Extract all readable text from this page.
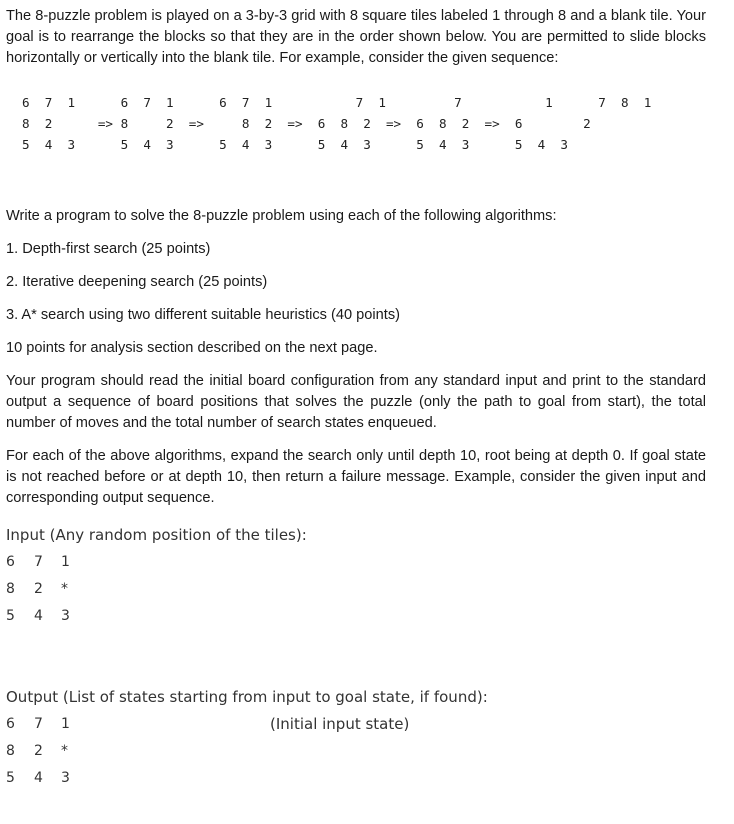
The 8-puzzle problem is played on a 3-by-3 grid with 8 square tiles labeled 1 through 8 and a blank tile. Your goal is to rearrange the blocks so that they are in the order shown below. You are permitted to slide blocks horizontally or vertically into the blank tile. For example, consider the given sequence:

6  7  1      6  7  1      6  7  1           7  1         7           1      7  8  1
8  2      => 8     2  =>     8  2  =>  6  8  2  =>  6  8  2  =>  6        2
5  4  3      5  4  3      5  4  3      5  4  3      5  4  3      5  4  3
Write a program to solve the 8-puzzle problem using each of the following algorithms:
1. Depth-first search (25 points)
2. Iterative deepening search (25 points)
3. A* search using two different suitable heuristics (40 points)
10 points for analysis section described on the next page.

Your program should read the initial board configuration from any standard input and print to the standard output a sequence of board positions that solves the puzzle (only the path to goal from start), the total number of moves and the total number of search states enqueued.

For each of the above algorithms, expand the search only until depth 10, root being at depth 0. If goal state is not reached before or at depth 10, then return a failure message. Example, consider the given input and corresponding output sequence.

Input (Any random position of the tiles):
6 7 1
8 2 *
5 4 3
Output (List of states starting from input to goal state, if found):
6 7 1
8 2 *
5 4 3
(Initial input state)
